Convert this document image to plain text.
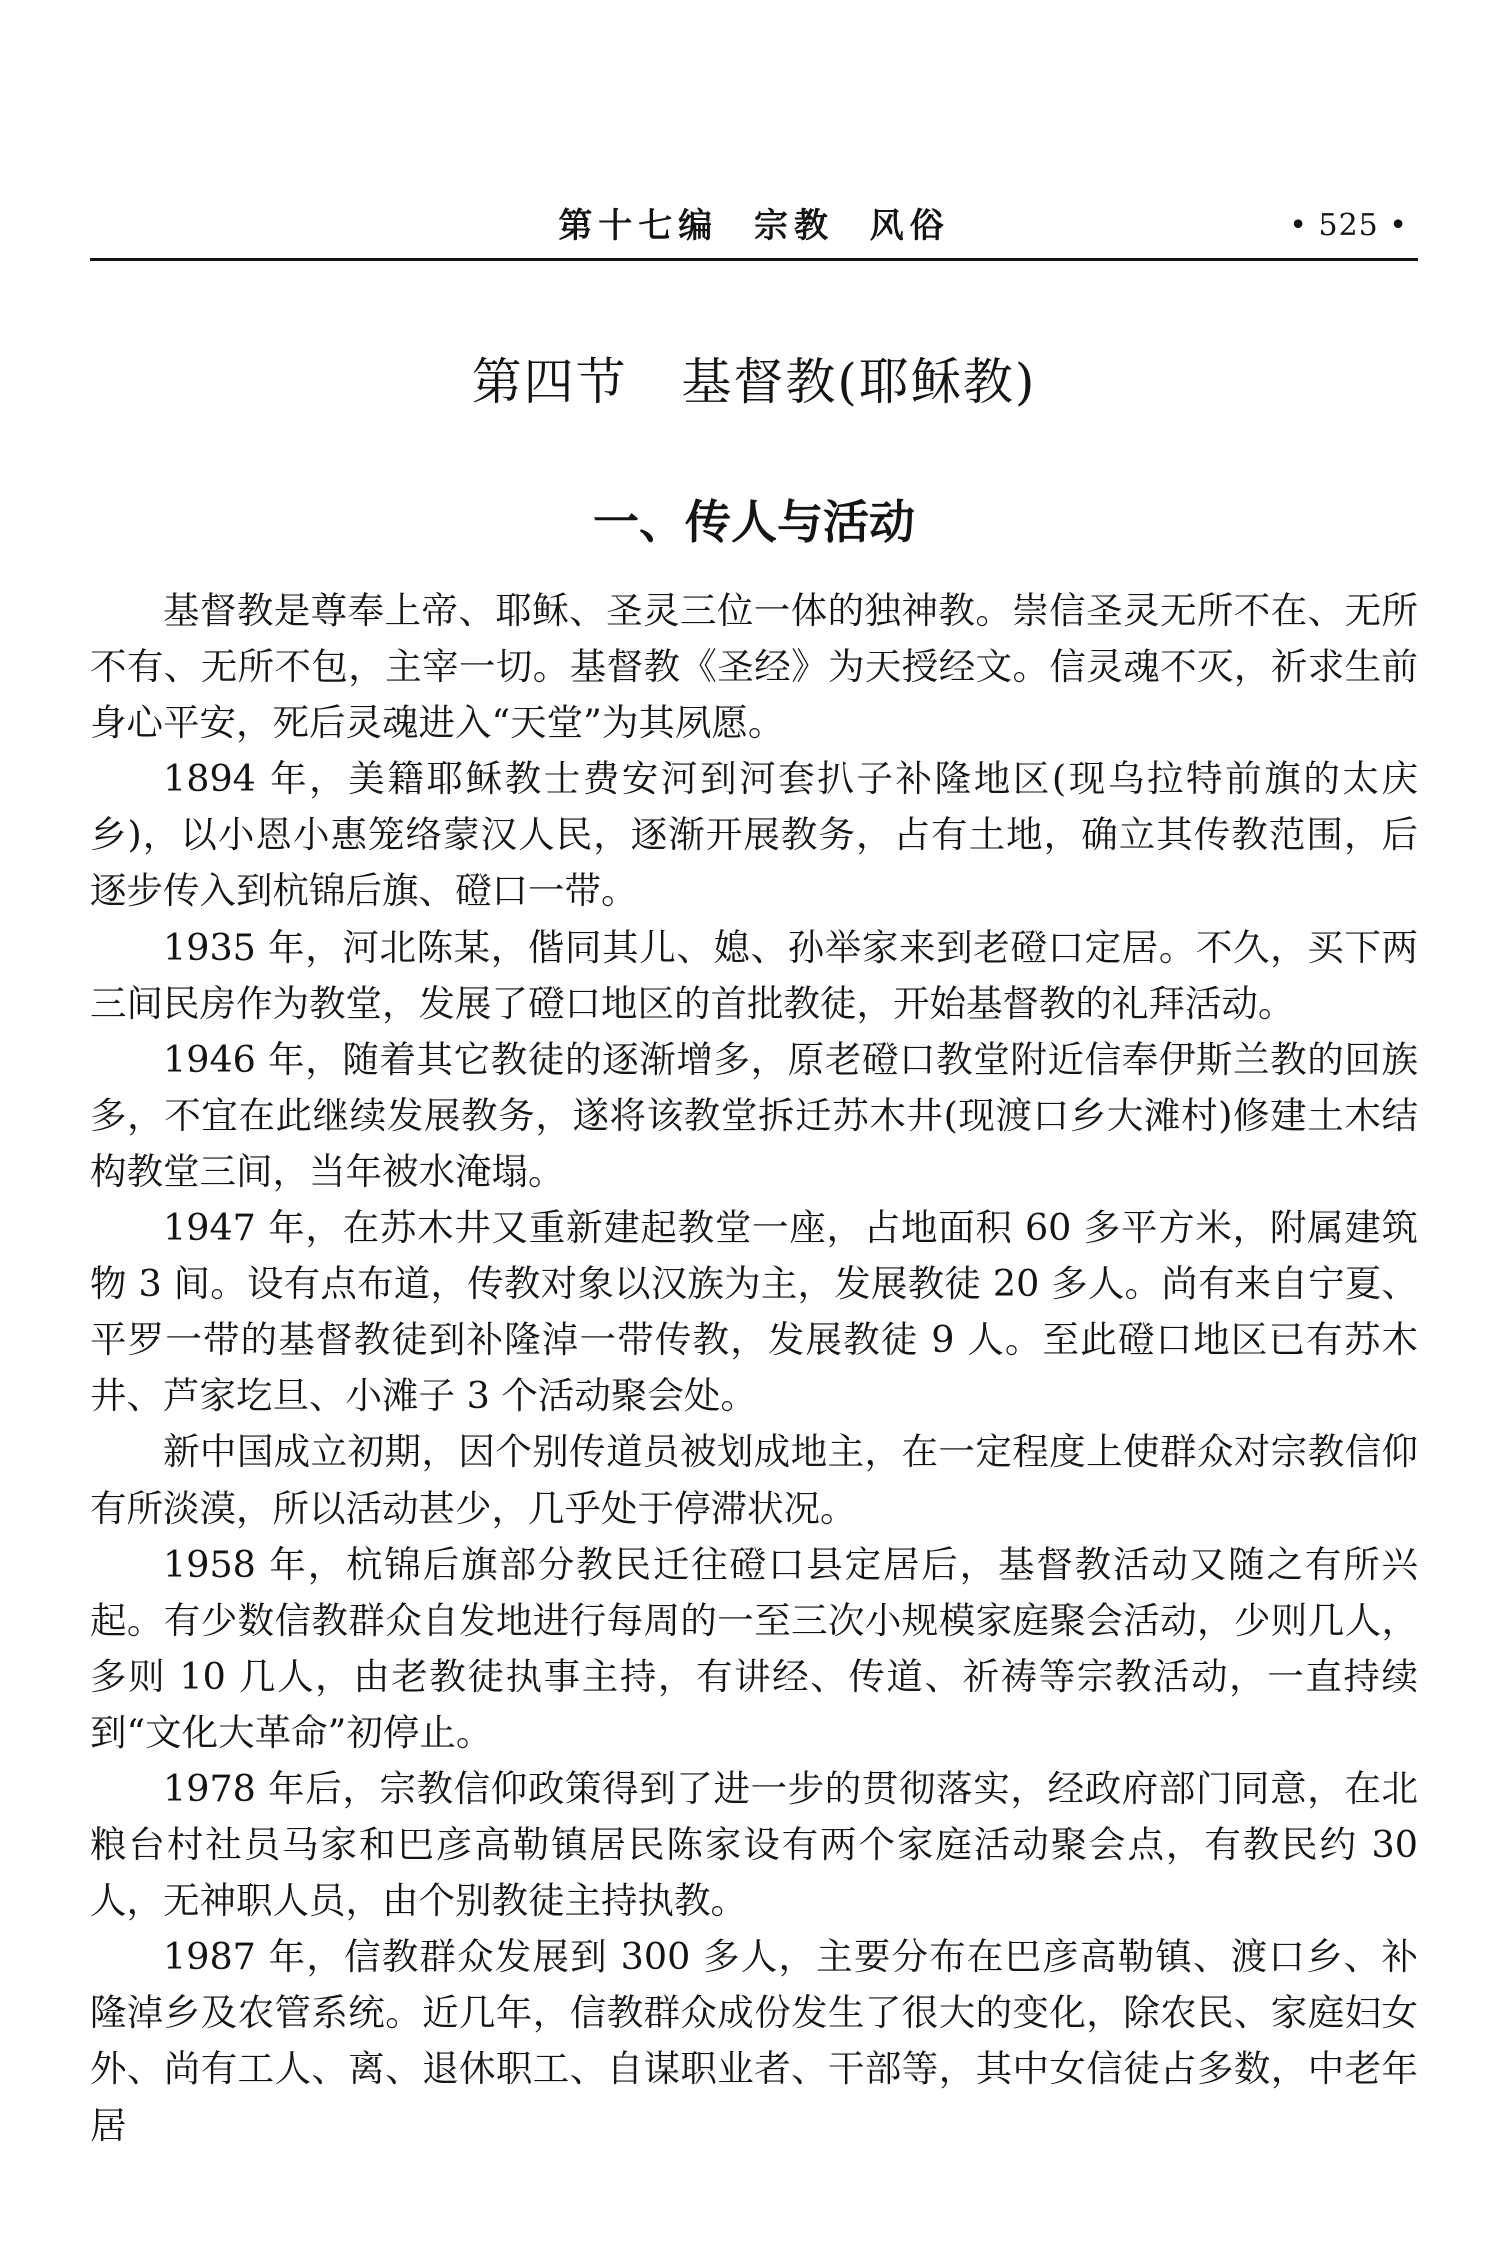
第十七编  宗教  风俗	• 525 •
第四节   基督教(耶稣教)
一、传人与活动

基督教是尊奉上帝、耶稣、圣灵三位一体的独神教。崇信圣灵无所不在、无所不有、无所不包，主宰一切。基督教《圣经》为天授经文。信灵魂不灭，祈求生前身心平安，死后灵魂进入“天堂”为其夙愿。

1894 年，美籍耶稣教士费安河到河套扒子补隆地区(现乌拉特前旗的太庆乡)，以小恩小惠笼络蒙汉人民，逐渐开展教务，占有土地，确立其传教范围，后逐步传入到杭锦后旗、磴口一带。

1935 年，河北陈某，偕同其儿、媳、孙举家来到老磴口定居。不久，买下两三间民房作为教堂，发展了磴口地区的首批教徒，开始基督教的礼拜活动。

1946 年，随着其它教徒的逐渐增多，原老磴口教堂附近信奉伊斯兰教的回族多，不宜在此继续发展教务，遂将该教堂拆迁苏木井(现渡口乡大滩村)修建土木结构教堂三间，当年被水淹塌。

1947 年，在苏木井又重新建起教堂一座，占地面积 60 多平方米，附属建筑物 3 间。设有点布道，传教对象以汉族为主，发展教徒 20 多人。尚有来自宁夏、平罗一带的基督教徒到补隆淖一带传教，发展教徒 9 人。至此磴口地区已有苏木井、芦家圪旦、小滩子 3 个活动聚会处。

新中国成立初期，因个别传道员被划成地主，在一定程度上使群众对宗教信仰有所淡漠，所以活动甚少，几乎处于停滞状况。

1958 年，杭锦后旗部分教民迁往磴口县定居后，基督教活动又随之有所兴起。有少数信教群众自发地进行每周的一至三次小规模家庭聚会活动，少则几人，多则 10 几人，由老教徒执事主持，有讲经、传道、祈祷等宗教活动，一直持续到“文化大革命”初停止。

1978 年后，宗教信仰政策得到了进一步的贯彻落实，经政府部门同意，在北粮台村社员马家和巴彦高勒镇居民陈家设有两个家庭活动聚会点，有教民约 30 人，无神职人员，由个别教徒主持执教。

1987 年，信教群众发展到 300 多人，主要分布在巴彦高勒镇、渡口乡、补隆淖乡及农管系统。近几年，信教群众成份发生了很大的变化，除农民、家庭妇女外、尚有工人、离、退休职工、自谋职业者、干部等，其中女信徒占多数，中老年居
